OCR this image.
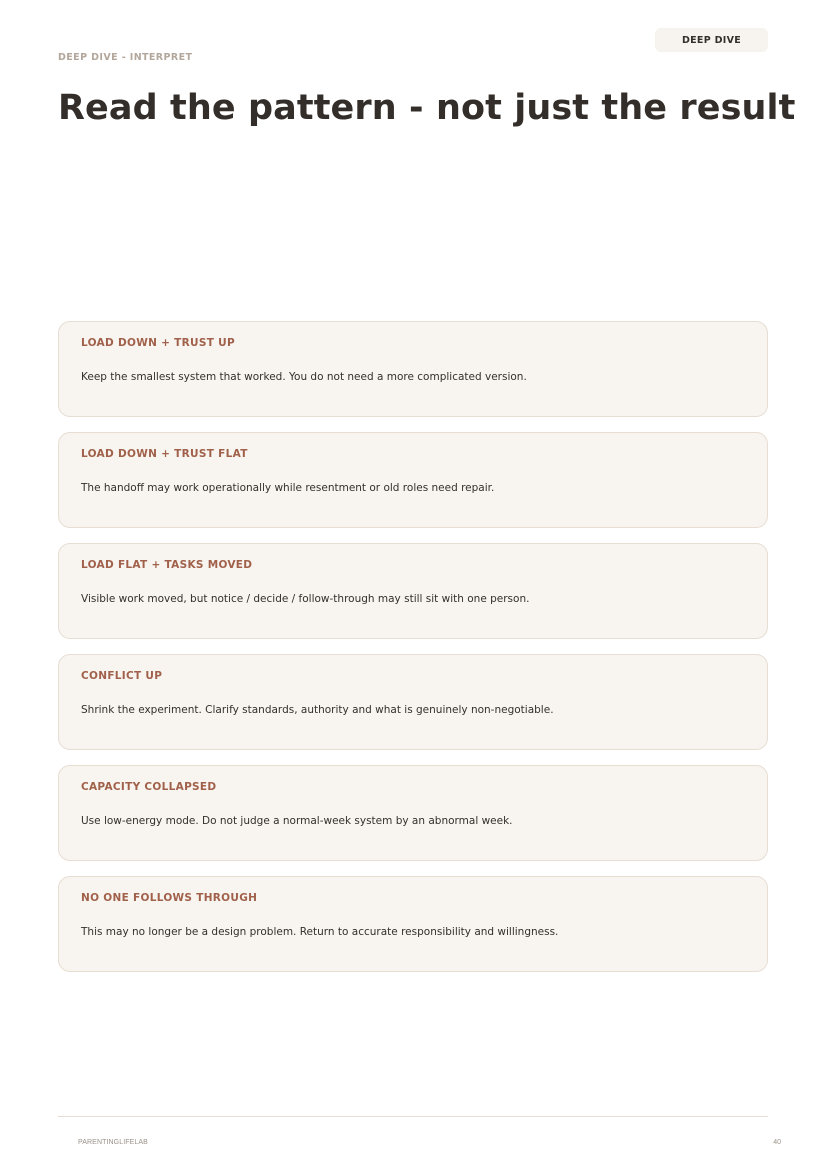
DEEP DIVE
DEEP DIVE - INTERPRET
Read the pattern - not just the result
LOAD DOWN + TRUST UP
Keep the smallest system that worked. You do not need a more complicated version.
LOAD DOWN + TRUST FLAT
The handoff may work operationally while resentment or old roles need repair.
LOAD FLAT + TASKS MOVED
Visible work moved, but notice / decide / follow-through may still sit with one person.
CONFLICT UP
Shrink the experiment. Clarify standards, authority and what is genuinely non-negotiable.
CAPACITY COLLAPSED
Use low-energy mode. Do not judge a normal-week system by an abnormal week.
NO ONE FOLLOWS THROUGH
This may no longer be a design problem. Return to accurate responsibility and willingness.
PARENTINGLIFELAB	40
